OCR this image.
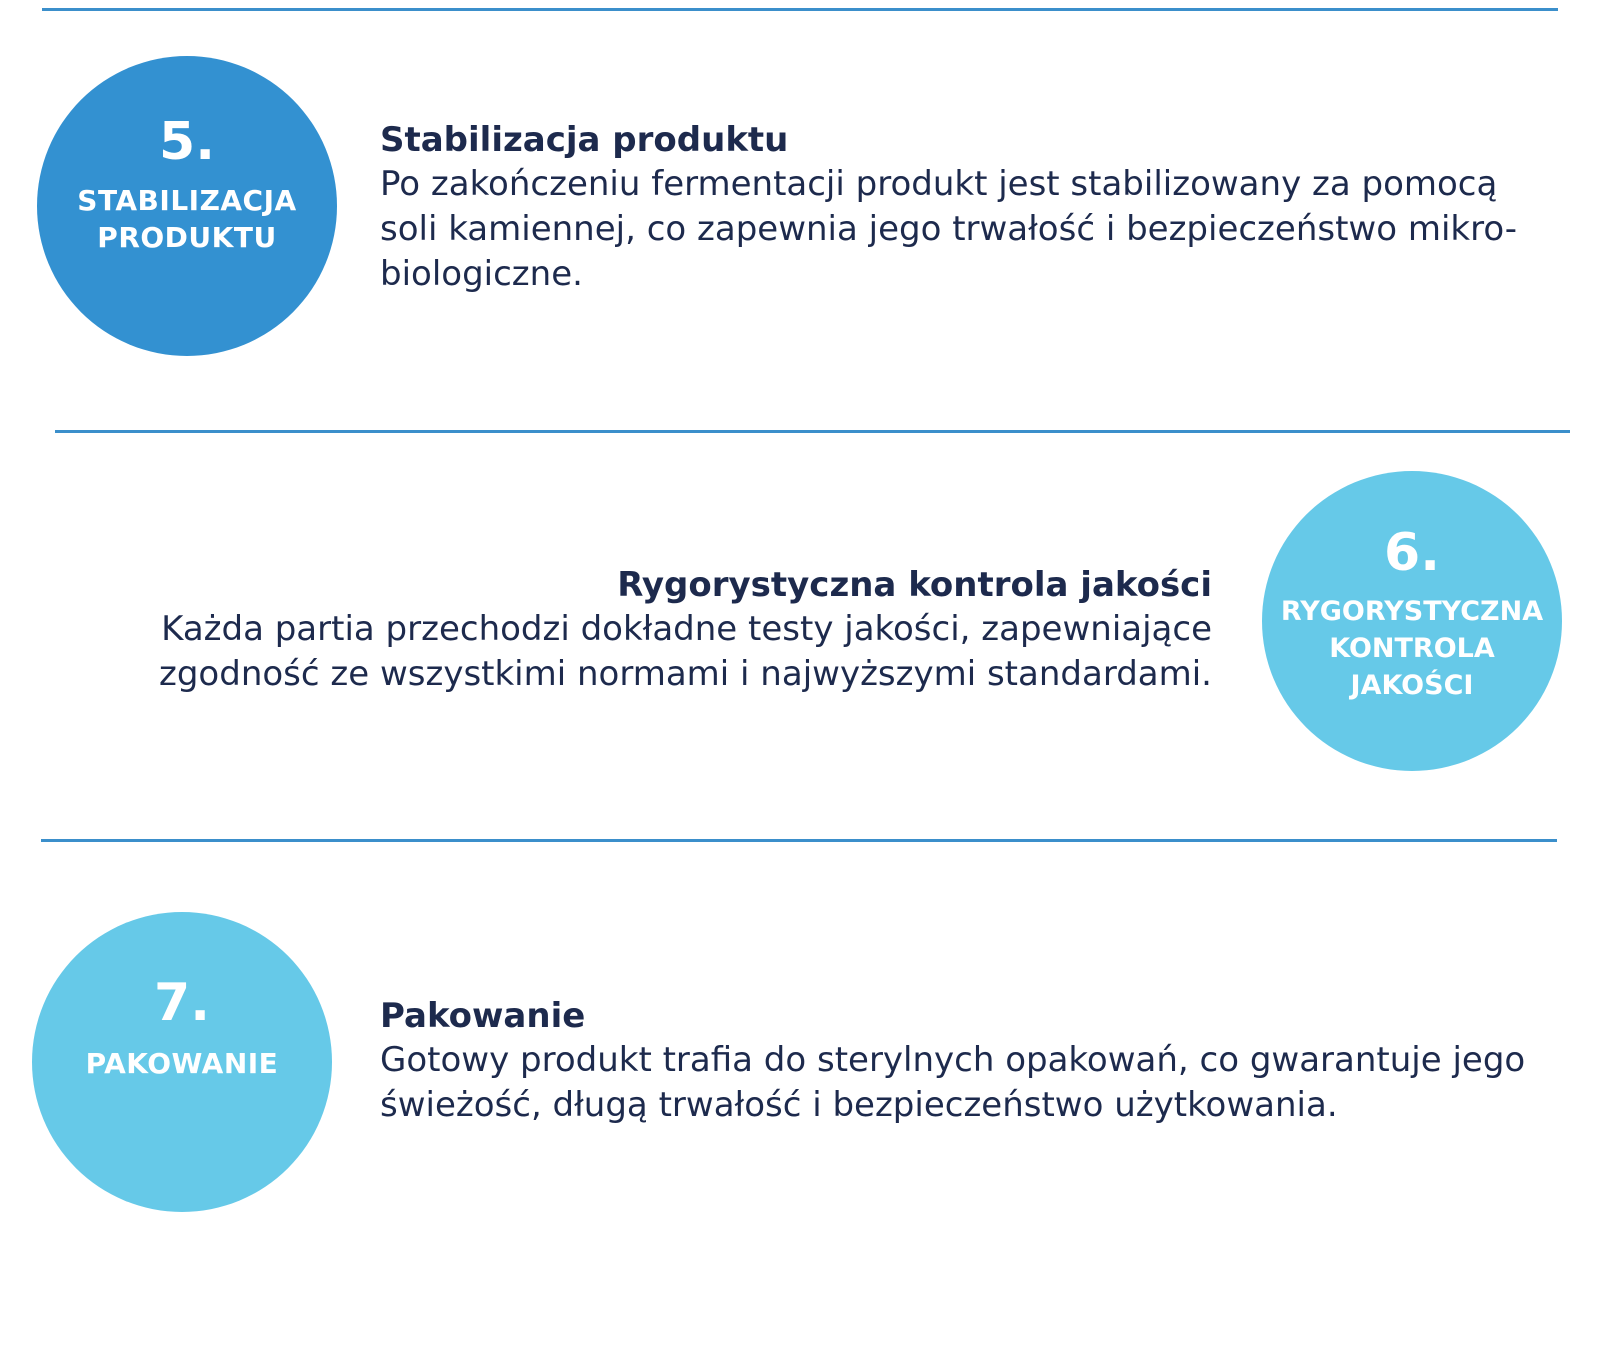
5.
STABILIZACJA
PRODUKTU

Stabilizacja produktu

Po zakończeniu fermentacji produkt jest stabilizowany za pomocą

soli kamiennej, co zapewnia jego trwałość i bezpieczeństwo mikro-

biologiczne.

Rygorystyczna kontrola jakości

Każda partia przechodzi dokładne testy jakości, zapewniające

zgodność ze wszystkimi normami i najwyższymi standardami.

6.
RYGORYSTYCZNA
KONTROLA
JAKOŚCI
7.
PAKOWANIE

Pakowanie

Gotowy produkt trafia do sterylnych opakowań, co gwarantuje jego

świeżość, długą trwałość i bezpieczeństwo użytkowania.
